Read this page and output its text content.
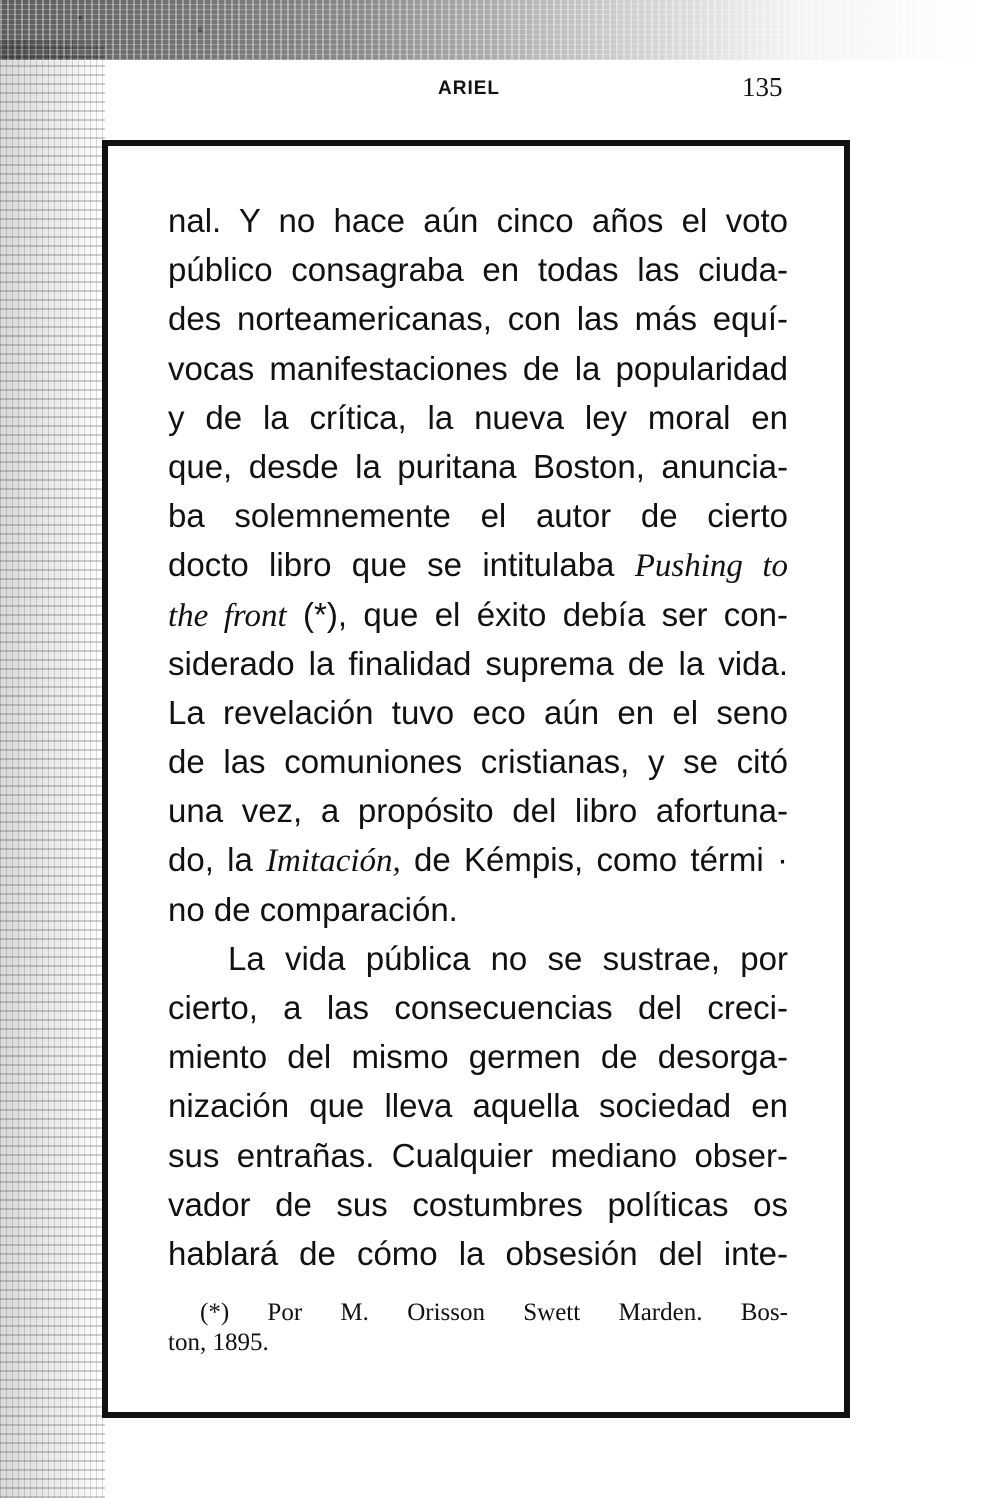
ARIEL	135
nal. Y no hace aún cinco años el voto
público consagraba en todas las ciuda-
des norteamericanas, con las más equí-
vocas manifestaciones de la popularidad
y de la crítica, la nueva ley moral en
que, desde la puritana Boston, anuncia-
ba solemnemente el autor de cierto
docto libro que se intitulaba Pushing to
the front (*), que el éxito debía ser con-
siderado la finalidad suprema de la vida.
La revelación tuvo eco aún en el seno
de las comuniones cristianas, y se citó
una vez, a propósito del libro afortuna-
do, la Imitación, de Kémpis, como térmi ·
no de comparación.
La vida pública no se sustrae, por
cierto, a las consecuencias del creci-
miento del mismo germen de desorga-
nización que lleva aquella sociedad en
sus entrañas. Cualquier mediano obser-
vador de sus costumbres políticas os
hablará de cómo la obsesión del inte-
(*) Por M. Orisson Swett Marden. Bos-
ton, 1895.
